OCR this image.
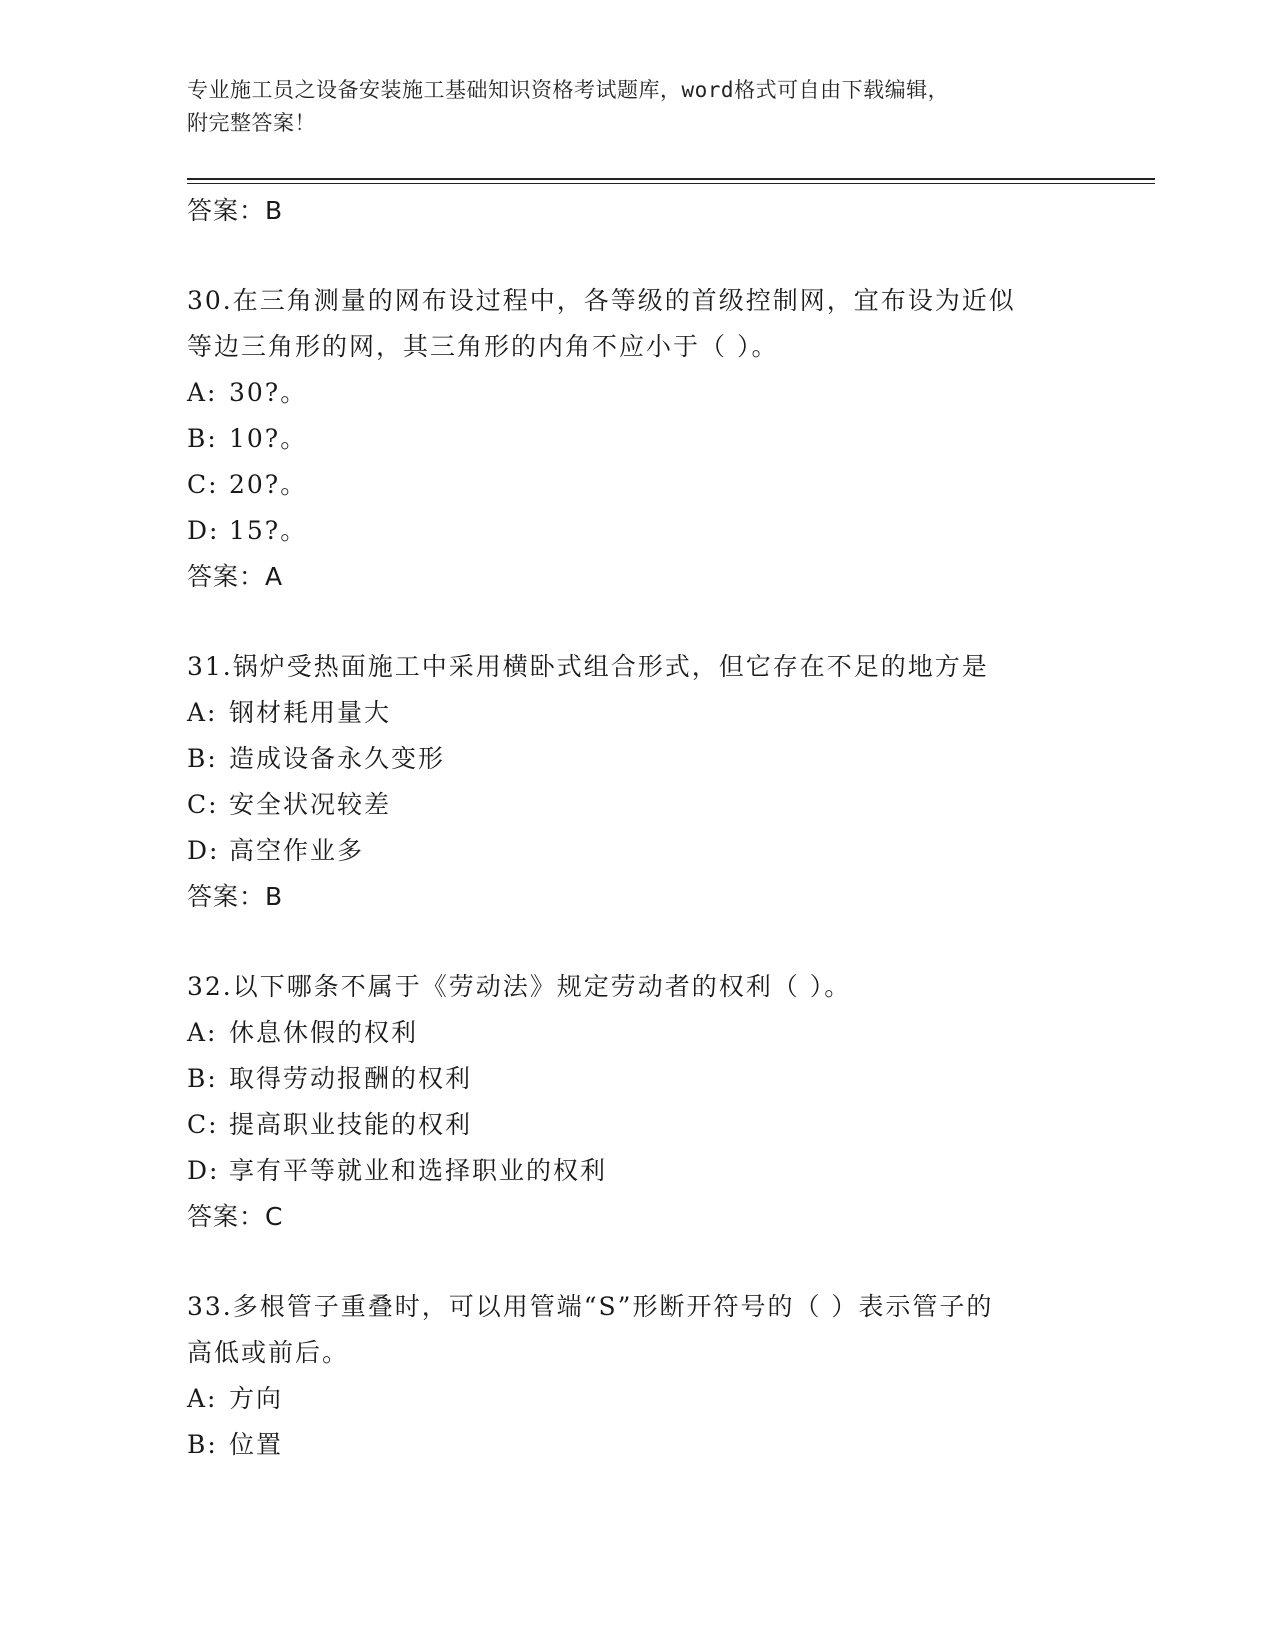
专业施工员之设备安装施工基础知识资格考试题库，word格式可自由下载编辑，
附完整答案！
答案：B
30.在三角测量的网布设过程中，各等级的首级控制网，宜布设为近似
等边三角形的网，其三角形的内角不应小于（ ）。
A: 30?。
B: 10?。
C: 20?。
D: 15?。
答案：A
31.锅炉受热面施工中采用横卧式组合形式，但它存在不足的地方是
A: 钢材耗用量大
B: 造成设备永久变形
C: 安全状况较差
D: 高空作业多
答案：B
32.以下哪条不属于《劳动法》规定劳动者的权利（ ）。
A: 休息休假的权利
B: 取得劳动报酬的权利
C: 提高职业技能的权利
D: 享有平等就业和选择职业的权利
答案：C
33.多根管子重叠时，可以用管端“S”形断开符号的（ ）表示管子的
高低或前后。
A: 方向
B: 位置
